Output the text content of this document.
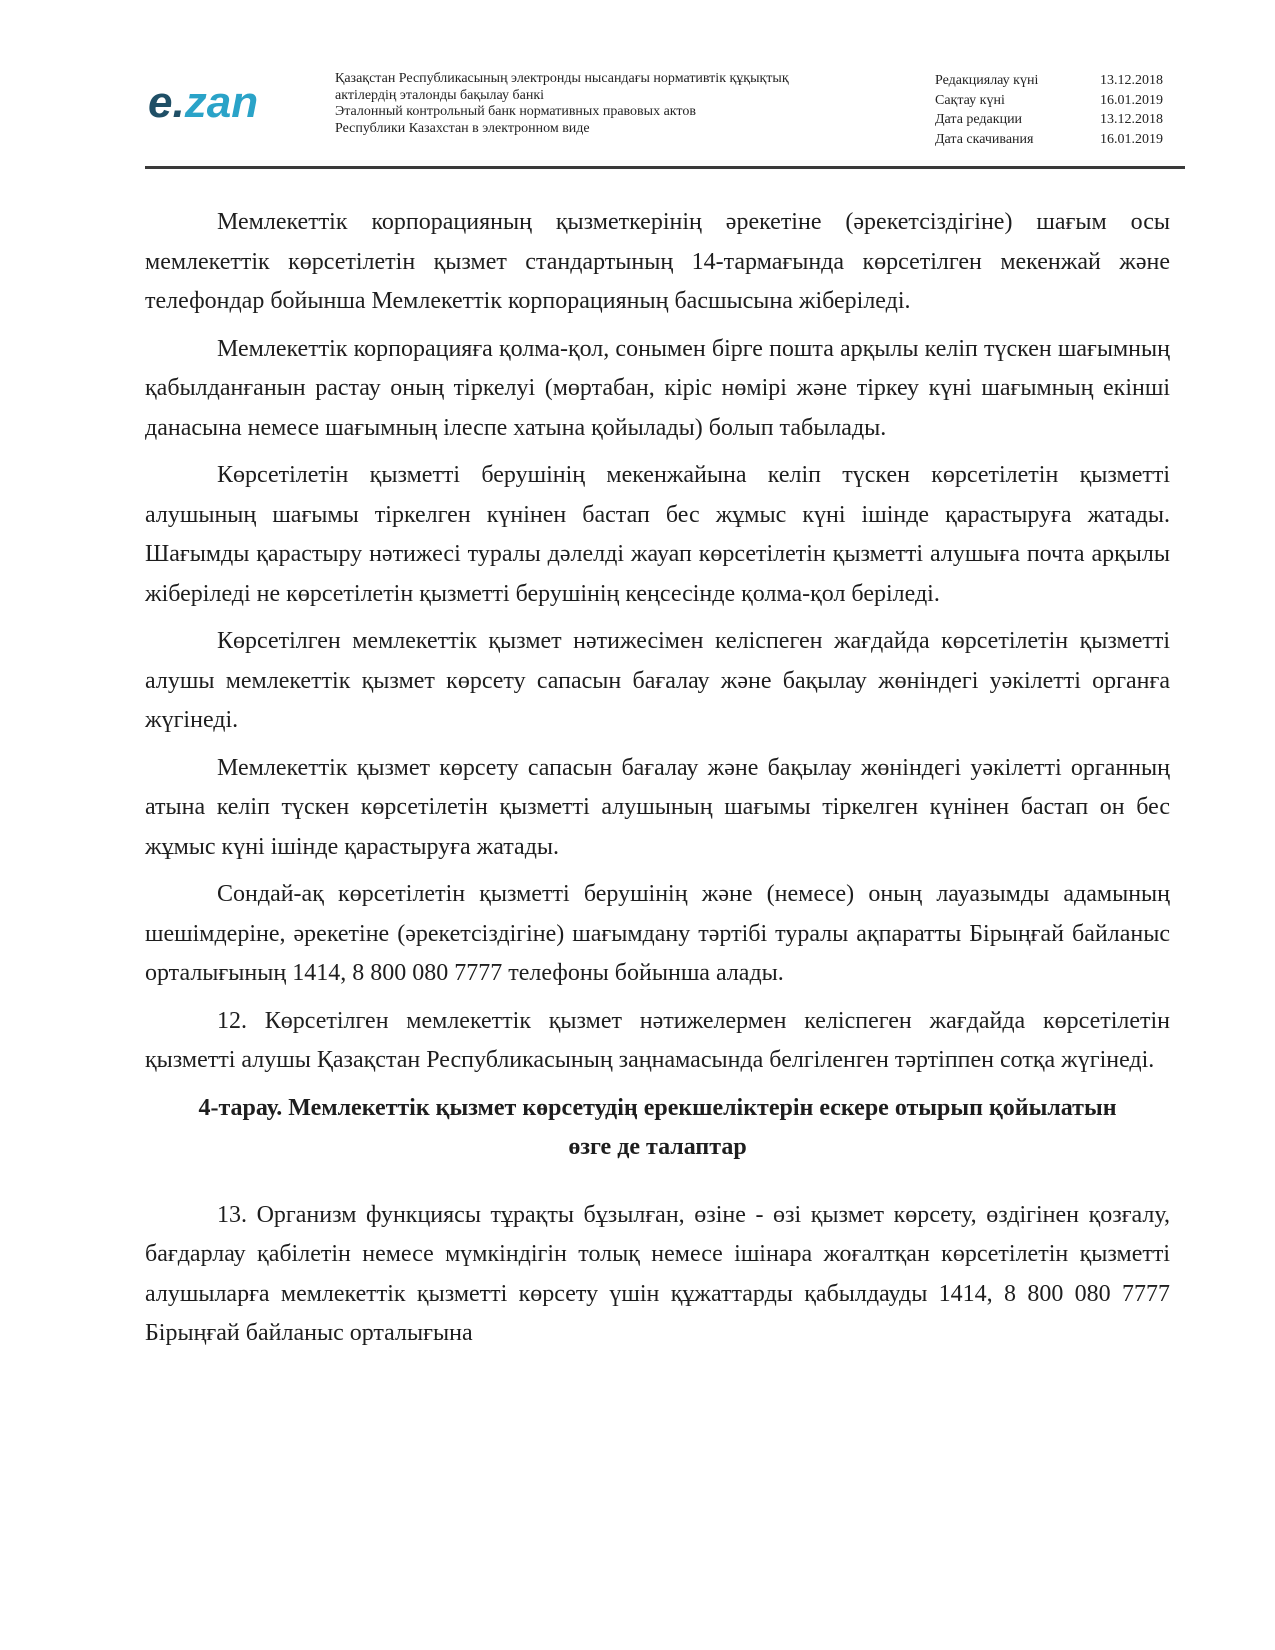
e.zan	Қазақстан Республикасының электронды нысандағы нормативтік құқықтық
актілердің эталонды бақылау банкі
Эталонный контрольный банк нормативных правовых актов
Республики Казахстан в электронном виде
Редакциялау күні	13.12.2018
Сақтау күні	16.01.2019
Дата редакции	13.12.2018
Дата скачивания	16.01.2019

Мемлекеттік корпорацияның қызметкерінің әрекетіне (әрекетсіздігіне) шағым осы мемлекеттік көрсетілетін қызмет стандартының 14-тармағында көрсетілген мекенжай және телефондар бойынша Мемлекеттік корпорацияның басшысына жіберіледі.

Мемлекеттік корпорацияға қолма-қол, сонымен бірге пошта арқылы келіп түскен шағымның қабылданғанын растау оның тіркелуі (мөртабан, кіріс нөмірі және тіркеу күні шағымның екінші данасына немесе шағымның ілеспе хатына қойылады) болып табылады.

Көрсетілетін қызметті берушінің мекенжайына келіп түскен көрсетілетін қызметті алушының шағымы тіркелген күнінен бастап бес жұмыс күні ішінде қарастыруға жатады. Шағымды қарастыру нәтижесі туралы дәлелді жауап көрсетілетін қызметті алушыға почта арқылы жіберіледі не көрсетілетін қызметті берушінің кеңсесінде қолма-қол беріледі.

Көрсетілген мемлекеттік қызмет нәтижесімен келіспеген жағдайда көрсетілетін қызметті алушы мемлекеттік қызмет көрсету сапасын бағалау және бақылау жөніндегі уәкілетті органға жүгінеді.

Мемлекеттік қызмет көрсету сапасын бағалау және бақылау жөніндегі уәкілетті органның атына келіп түскен көрсетілетін қызметті алушының шағымы тіркелген күнінен бастап он бес жұмыс күні ішінде қарастыруға жатады.

Сондай-ақ көрсетілетін қызметті берушінің және (немесе) оның лауазымды адамының шешімдеріне, әрекетіне (әрекетсіздігіне) шағымдану тәртібі туралы ақпаратты Бірыңғай байланыс орталығының 1414, 8 800 080 7777 телефоны бойынша алады.

12. Көрсетілген мемлекеттік қызмет нәтижелермен келіспеген жағдайда көрсетілетін қызметті алушы Қазақстан Республикасының заңнамасында белгіленген тәртіппен сотқа жүгінеді.

4-тарау. Мемлекеттік қызмет көрсетудің ерекшеліктерін ескере отырып қойылатын өзге де талаптар

13. Организм функциясы тұрақты бұзылған, өзіне - өзі қызмет көрсету, өздігінен қозғалу, бағдарлау қабілетін немесе мүмкіндігін толық немесе ішінара жоғалтқан көрсетілетін қызметті алушыларға мемлекеттік қызметті көрсету үшін құжаттарды қабылдауды 1414, 8 800 080 7777 Бірыңғай байланыс орталығына
